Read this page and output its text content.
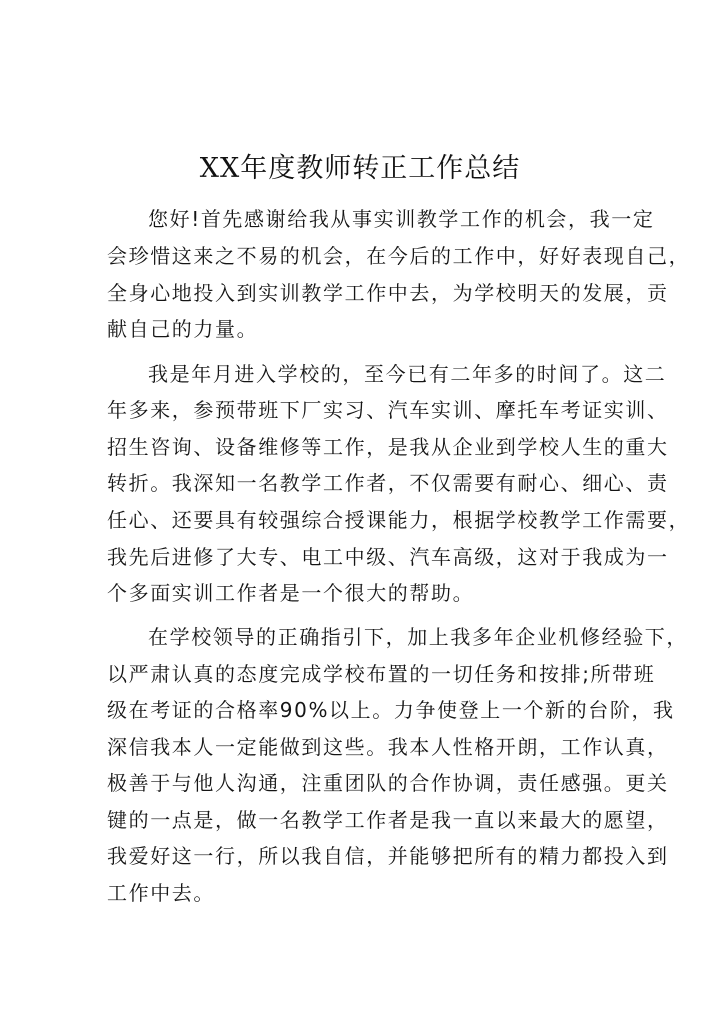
XX年度教师转正工作总结
您好!首先感谢给我从事实训教学工作的机会，我一定
会珍惜这来之不易的机会，在今后的工作中，好好表现自己，
全身心地投入到实训教学工作中去，为学校明天的发展，贡
献自己的力量。
我是年月进入学校的，至今已有二年多的时间了。这二
年多来，参预带班下厂实习、汽车实训、摩托车考证实训、
招生咨询、设备维修等工作，是我从企业到学校人生的重大
转折。我深知一名教学工作者，不仅需要有耐心、细心、责
任心、还要具有较强综合授课能力，根据学校教学工作需要，
我先后进修了大专、电工中级、汽车高级，这对于我成为一
个多面实训工作者是一个很大的帮助。
在学校领导的正确指引下，加上我多年企业机修经验下，
以严肃认真的态度完成学校布置的一切任务和按排;所带班
级在考证的合格率90%以上。力争使登上一个新的台阶，我
深信我本人一定能做到这些。我本人性格开朗，工作认真，
极善于与他人沟通，注重团队的合作协调，责任感强。更关
键的一点是，做一名教学工作者是我一直以来最大的愿望，
我爱好这一行，所以我自信，并能够把所有的精力都投入到
工作中去。
